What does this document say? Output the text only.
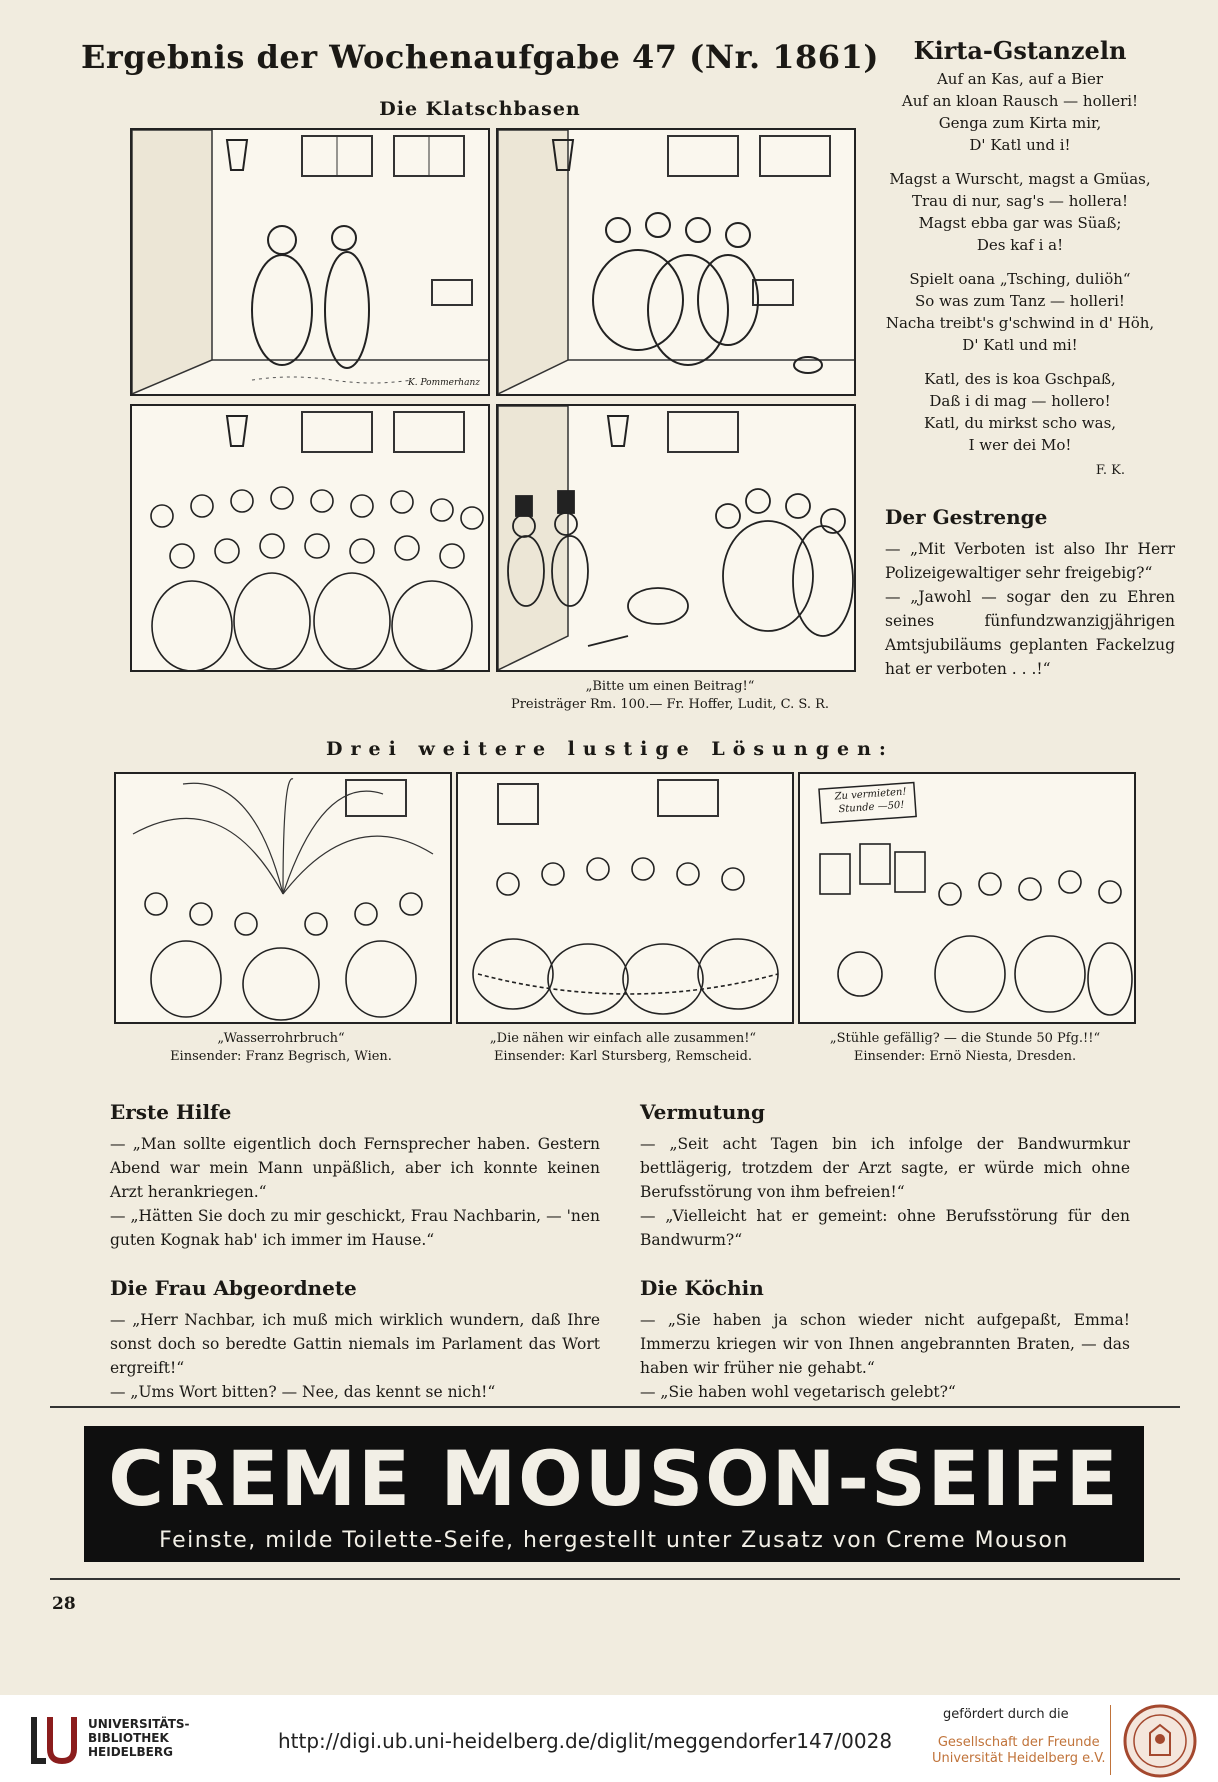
Ergebnis der Wochenaufgabe 47 (Nr. 1861)
Die Klatschbasen
K. Pommerhanz
„Bitte um einen Beitrag!“
Preisträger Rm. 100.— Fr. Hoffer, Ludit, C. S. R.
Kirta-Gstanzeln
Auf an Kas, auf a Bier
Auf an kloan Rausch — holleri!
Genga zum Kirta mir,
D' Katl und i!
Magst a Wurscht, magst a Gmüas,
Trau di nur, sag's — hollera!
Magst ebba gar was Süaß;
Des kaf i a!
Spielt oana „Tsching, duliöh“
So was zum Tanz — holleri!
Nacha treibt's g'schwind in d' Höh,
D' Katl und mi!
Katl, des is koa Gschpaß,
Daß i di mag — hollero!
Katl, du mirkst scho was,
I wer dei Mo!
F. K.
Der Gestrenge

— „Mit Verboten ist also Ihr Herr Polizeigewaltiger sehr freigebig?“

— „Jawohl — sogar den zu Ehren seines fünfundzwanzigjährigen Amtsjubiläums geplanten Fackelzug hat er verboten . . .!“

Drei weitere lustige Lösungen:
Zu vermieten!
Stunde —50!
„Wasserrohrbruch“
Einsender: Franz Begrisch, Wien.
„Die nähen wir einfach alle zusammen!“
Einsender: Karl Stursberg, Remscheid.
„Stühle gefällig? — die Stunde 50 Pfg.!!“
Einsender: Ernö Niesta, Dresden.
Erste Hilfe

— „Man sollte eigentlich doch Fernsprecher haben. Gestern Abend war mein Mann unpäßlich, aber ich konnte keinen Arzt herankriegen.“

— „Hätten Sie doch zu mir geschickt, Frau Nachbarin, — 'nen guten Kognak hab' ich immer im Hause.“

Vermutung

— „Seit acht Tagen bin ich infolge der Bandwurmkur bettlägerig, trotzdem der Arzt sagte, er würde mich ohne Berufsstörung von ihm befreien!“

— „Vielleicht hat er gemeint: ohne Berufsstörung für den Bandwurm?“

Die Frau Abgeordnete

— „Herr Nachbar, ich muß mich wirklich wundern, daß Ihre sonst doch so beredte Gattin niemals im Parlament das Wort ergreift!“

— „Ums Wort bitten? — Nee, das kennt se nich!“

Die Köchin

— „Sie haben ja schon wieder nicht aufgepaßt, Emma! Immerzu kriegen wir von Ihnen angebrannten Braten, — das haben wir früher nie gehabt.“

— „Sie haben wohl vegetarisch gelebt?“

CREME MOUSON-SEIFE
Feinste, milde Toilette-Seife, hergestellt unter Zusatz von Creme Mouson
28
UNIVERSITÄTS-
BIBLIOTHEK
HEIDELBERG	http://digi.ub.uni-heidelberg.de/diglit/meggendorfer147/0028
gefördert durch die
Gesellschaft der Freunde
Universität Heidelberg e.V.
